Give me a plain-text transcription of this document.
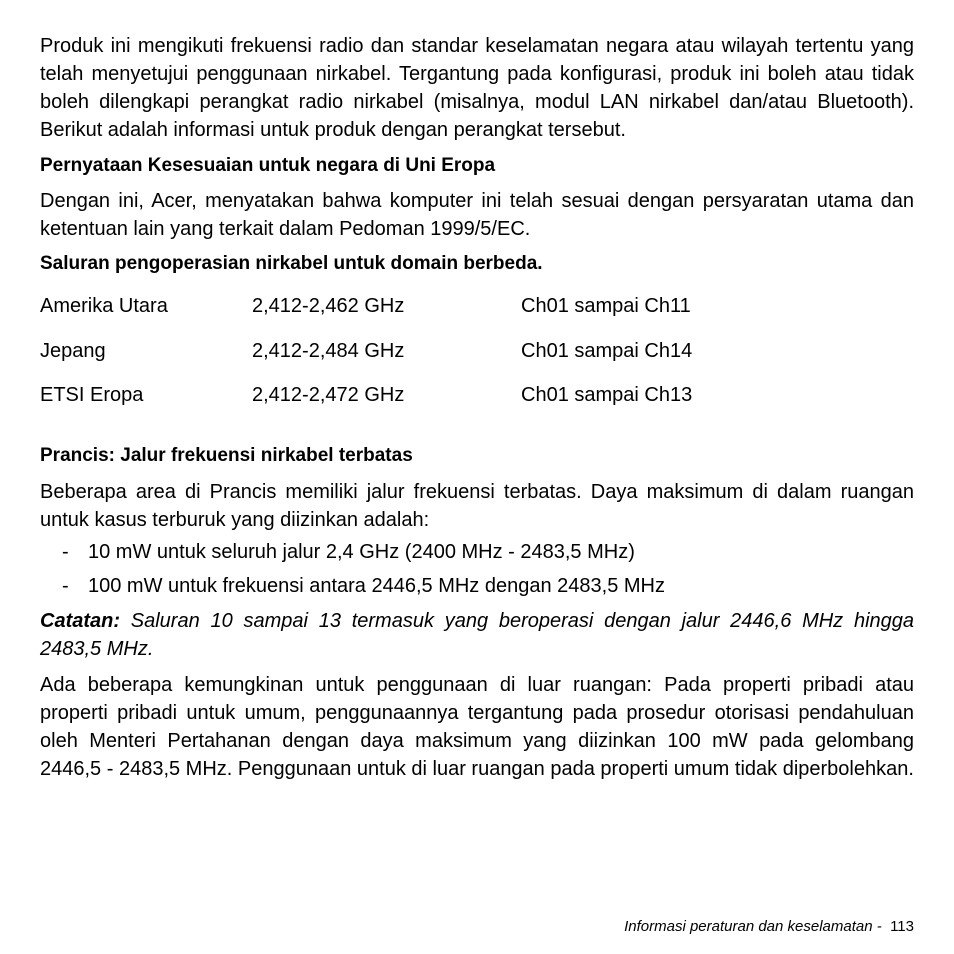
Produk ini mengikuti frekuensi radio dan standar keselamatan negara atau wilayah tertentu yang telah menyetujui penggunaan nirkabel. Tergantung pada konfigurasi, produk ini boleh atau tidak boleh dilengkapi perangkat radio nirkabel (misalnya, modul LAN nirkabel dan/atau Bluetooth). Berikut adalah informasi untuk produk dengan perangkat tersebut.

Pernyataan Kesesuaian untuk negara di Uni Eropa

Dengan ini, Acer, menyatakan bahwa komputer ini telah sesuai dengan persyaratan utama dan ketentuan lain yang terkait dalam Pedoman 1999/5/EC.

Saluran pengoperasian nirkabel untuk domain berbeda.

Amerika Utara	2,412-2,462 GHz	Ch01 sampai Ch11
Jepang	2,412-2,484 GHz	Ch01 sampai Ch14
ETSI Eropa	2,412-2,472 GHz	Ch01 sampai Ch13

Prancis: Jalur frekuensi nirkabel terbatas

Beberapa area di Prancis memiliki jalur frekuensi terbatas. Daya maksimum di dalam ruangan untuk kasus terburuk yang diizinkan adalah:

- 10 mW untuk seluruh jalur 2,4 GHz (2400 MHz - 2483,5 MHz)
- 100 mW untuk frekuensi antara 2446,5 MHz dengan 2483,5 MHz

Catatan: Saluran 10 sampai 13 termasuk yang beroperasi dengan jalur 2446,6 MHz hingga 2483,5 MHz.

Ada beberapa kemungkinan untuk penggunaan di luar ruangan: Pada properti pribadi atau properti pribadi untuk umum, penggunaannya tergantung pada prosedur otorisasi pendahuluan oleh Menteri Pertahanan dengan daya maksimum yang diizinkan 100 mW pada gelombang 2446,5 - 2483,5 MHz. Penggunaan untuk di luar ruangan pada properti umum tidak diperbolehkan.

Informasi peraturan dan keselamatan -  113
